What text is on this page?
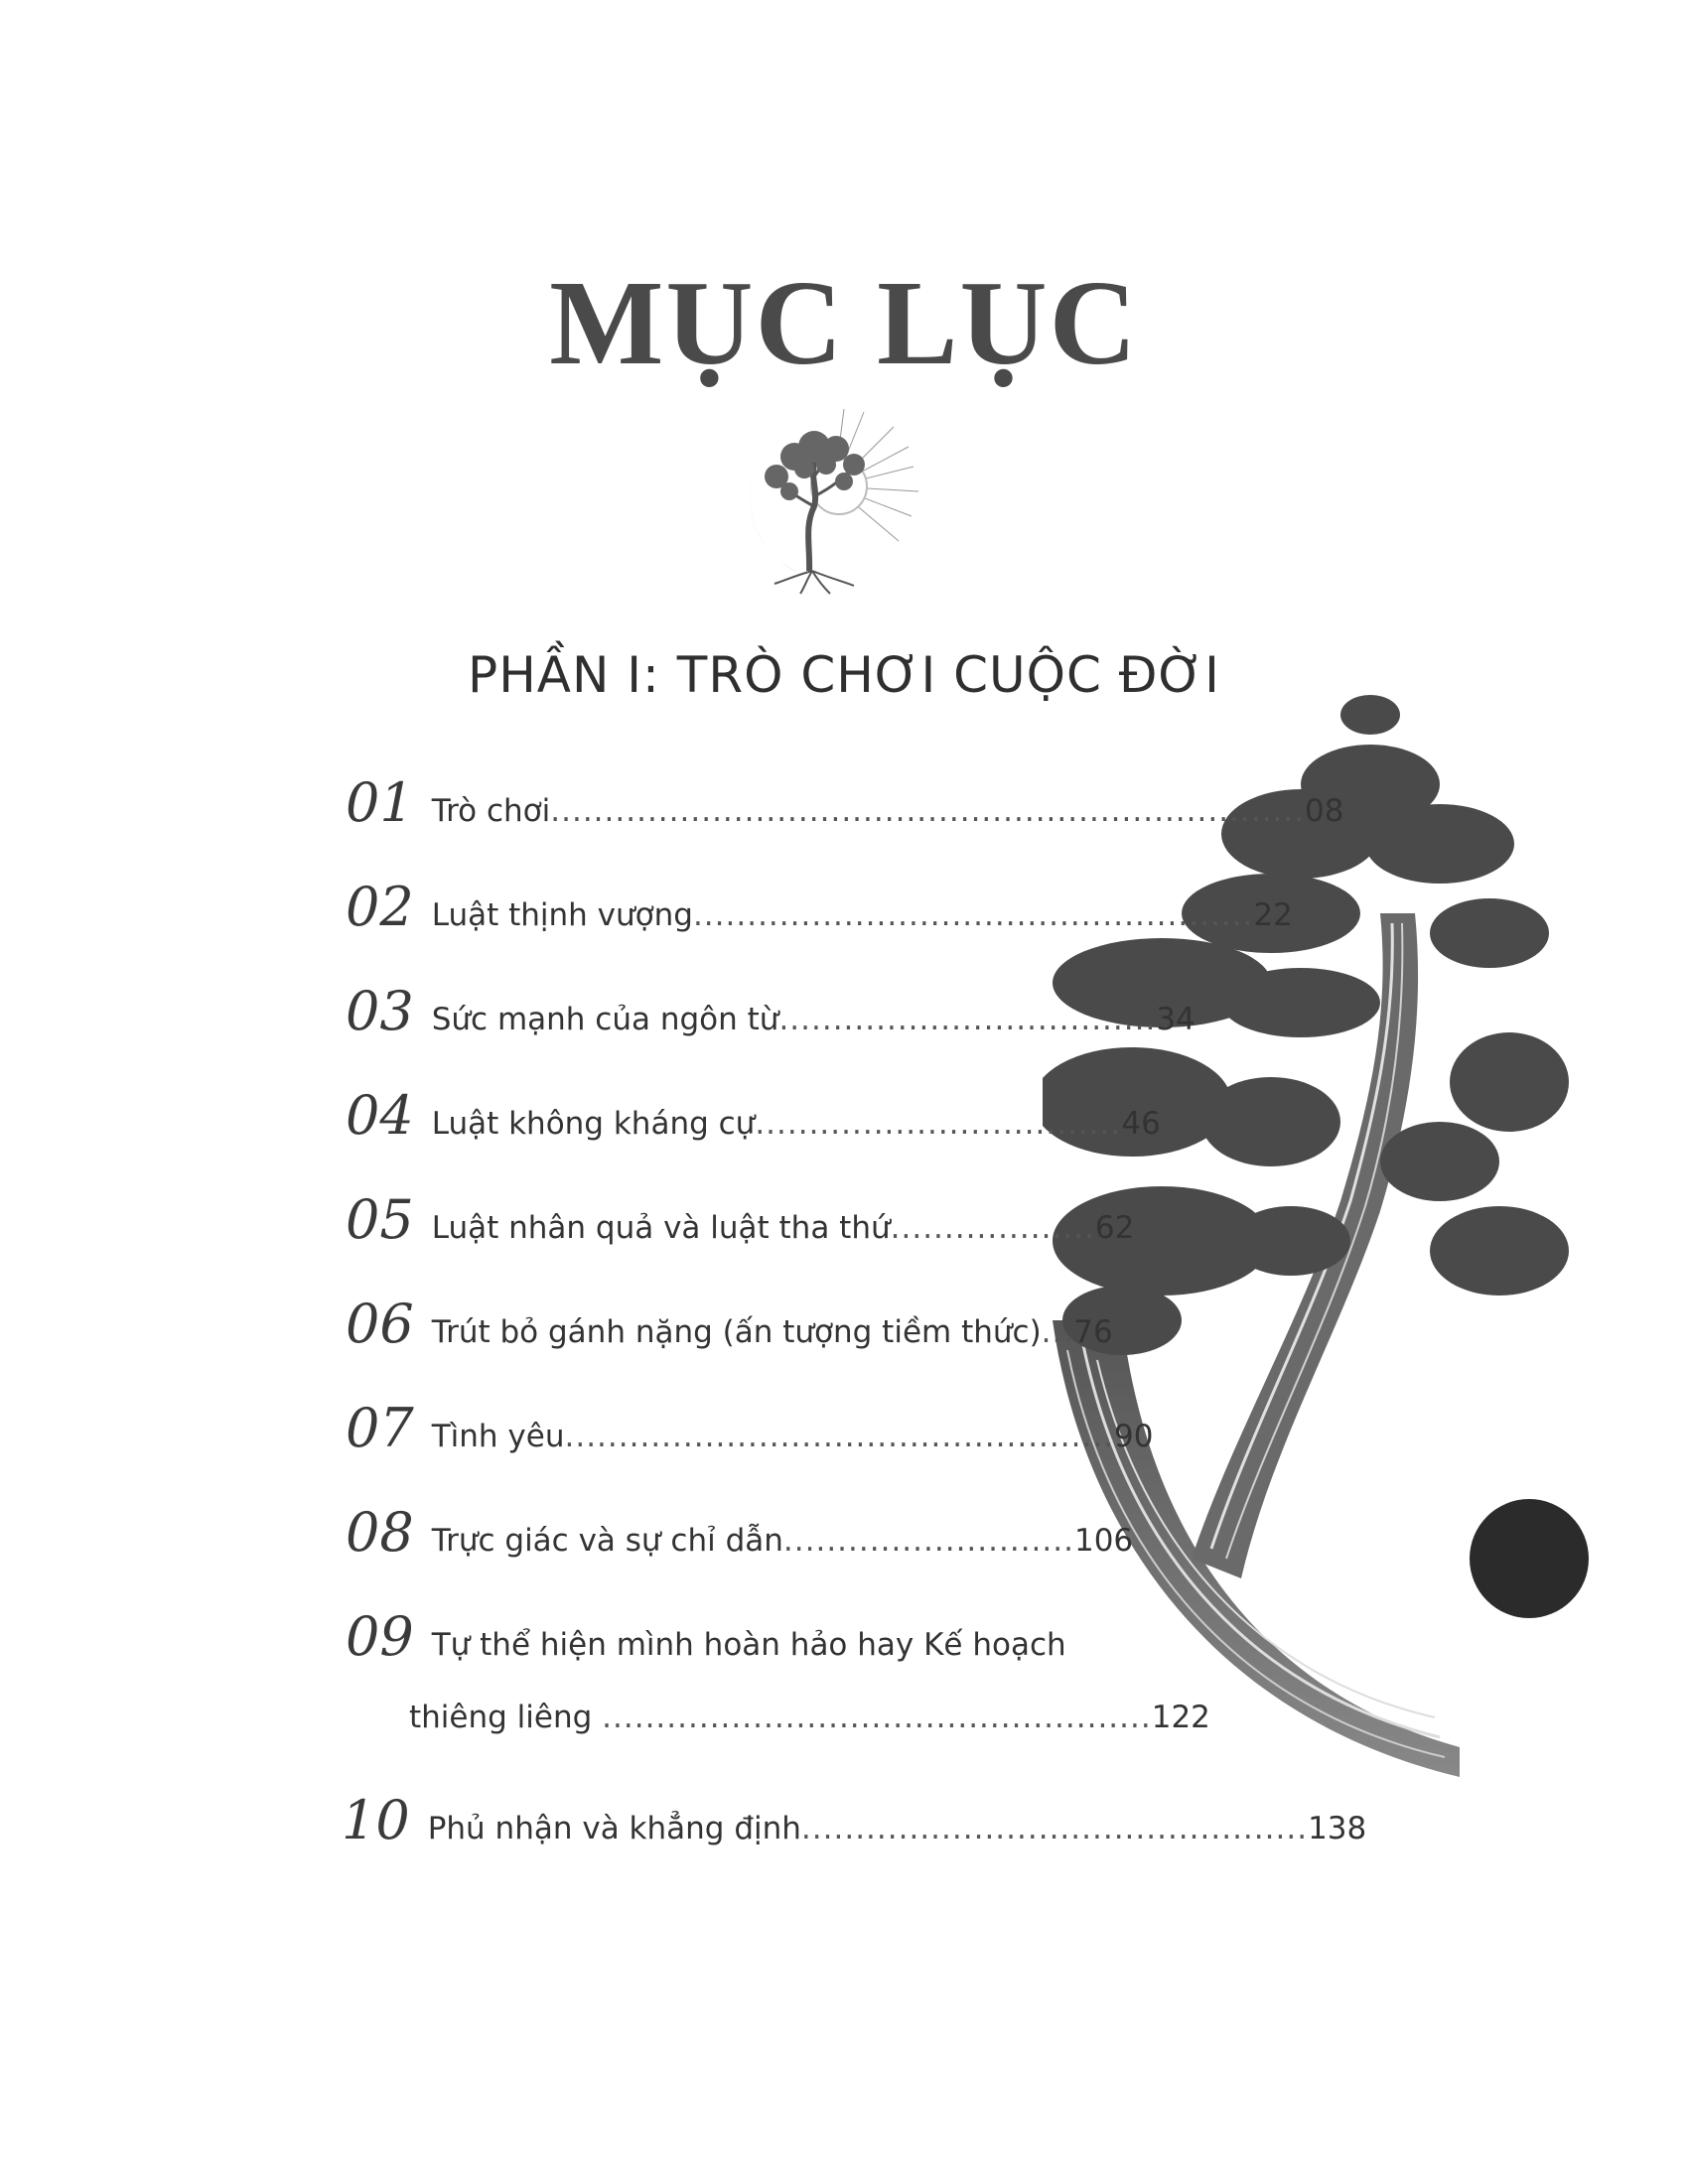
MỤC LỤC
PHẦN I: TRÒ CHƠI CUỘC ĐỜI
01 Trò chơi......................................................................08
02 Luật thịnh vượng....................................................22
03 Sức mạnh của ngôn từ...................................34
04 Luật không kháng cự..................................46
05 Luật nhân quả và luật tha thứ...................62
06 Trút bỏ gánh nặng (ấn tượng tiềm thức)...76
07 Tình yêu...................................................90
08 Trực giác và sự chỉ dẫn...........................106
09 Tự thể hiện mình hoàn hảo hay Kế hoạch
thiêng liêng ...................................................122
10 Phủ nhận và khẳng định...............................................138
